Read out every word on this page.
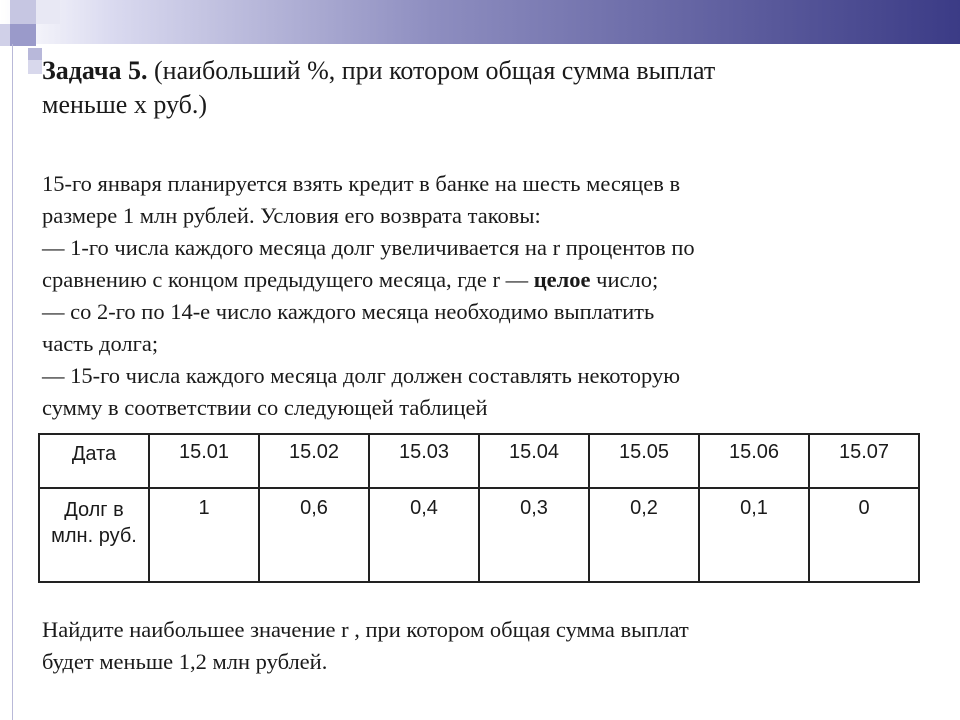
Задача 5. (наибольший %, при котором общая сумма выплат
меньше x руб.)

15-го января планируется взять кредит в банке на шесть месяцев в

размере 1 млн рублей. Условия его возврата таковы:

— 1-го числа каждого месяца долг увеличивается на r процентов по

сравнению с концом предыдущего месяца, где r — целое число;

— со 2-го по 14-е число каждого месяца необходимо выплатить

часть долга;

— 15-го числа каждого месяца долг должен составлять некоторую

сумму в соответствии со следующей таблицей

Дата	15.01	15.02	15.03	15.04	15.05	15.06	15.07
Долг в млн. руб.	1	0,6	0,4	0,3	0,2	0,1	0

Найдите наибольшее значение r , при котором общая сумма выплат

будет меньше 1,2 млн рублей.
